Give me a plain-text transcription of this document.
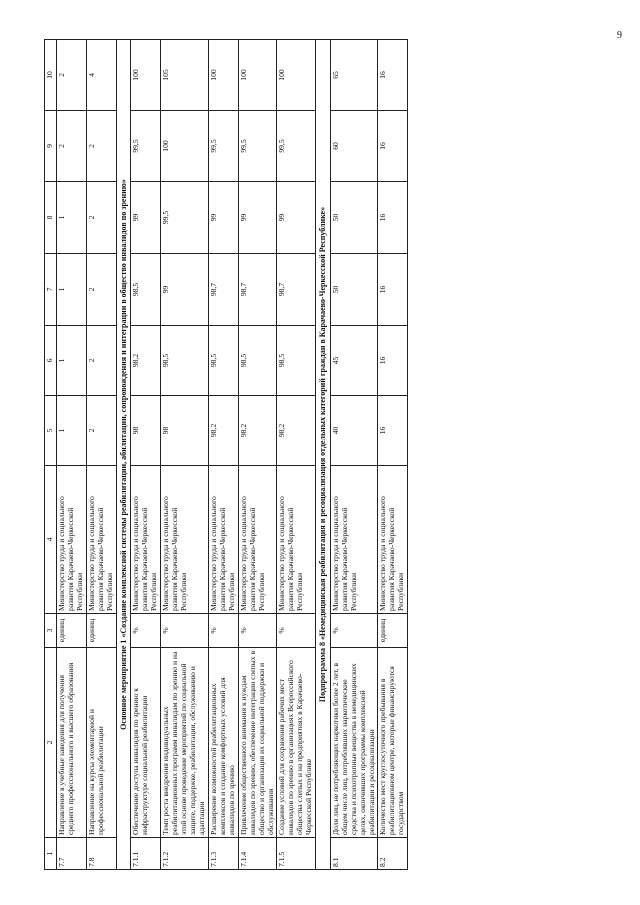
9
1	2	3	4	5	6	7	8	9	10
7.7	Направление в учебные заведения для получения среднего профессионального и высшего образования	единиц	Министерство труда и социального развития Карачаево-Черкесской Республики	1	1	1	1	2	2
7.8	Направление на курсы элементарной и профессиональной реабилитации	единиц	Министерство труда и социального развития Карачаево-Черкесской Республики	2	2	2	2	2	4
Основное мероприятие 1 «Создание комплексной системы реабилитации, абилитации, сопровождения и интеграции в общество инвалидов по зрению»									
7.1.1	Обеспечение доступа инвалидов по зрению к инфраструктуре социальной реабилитации	%	Министерство труда и социального развития Карачаево-Черкесской Республики	98	98,2	98,5	99	99,5	100
7.1.2	Темп роста внедрения индивидуальных реабилитационных программ инвалидам по зрению и на этой основе проведение мероприятий по социальной защите, поддержке, реабилитации, обслуживанию и адаптации	%	Министерство труда и социального развития Карачаево-Черкесской Республики	98	98,5	99	99,5	100	105
7.1.3	Расширение возможностей реабилитационных комплексов и создание комфортных условий для инвалидов по зрению	%	Министерство труда и социального развития Карачаево-Черкесской Республики	98,2	98,5	98,7	99	99,5	100
7.1.4	Привлечение общественного внимания к нуждам инвалидов по зрению, обеспечение интеграции слепых в общество и организация их социальной поддержки и обслуживания	%	Министерство труда и социального развития Карачаево-Черкесской Республики	98,2	98,5	98,7	99	99,5	100
7.1.5	Создание условий для сохранения рабочих мест инвалидов по зрению в организациях Всероссийского общества слепых и на предприятиях в Карачаево-Черкесской Республике	%	Министерство труда и социального развития Карачаево-Черкесской Республики	98,2	98,5	98,7	99	99,5	100
Подпрограмма 8 «Немедицинская реабилитация и ресоциализация отдельных категорий граждан в Карачаево-Черкесской Республике»									
8.1	Доля лиц, не потребляющих наркотики более 2 лет, в общем числе лиц, потреблявших наркотические средства и психотропные вещества в немедицинских целях, окончивших программы комплексной реабилитации и ресоциализации	%	Министерство труда и социального развития Карачаево-Черкесской Республики	40	45	50	50	60	65
8.2	Количество мест круглосуточного пребывания в реабилитационном центре, которые финансируются государством	единиц	Министерство труда и социального развития Карачаево-Черкесской Республики	16	16	16	16	16	16
